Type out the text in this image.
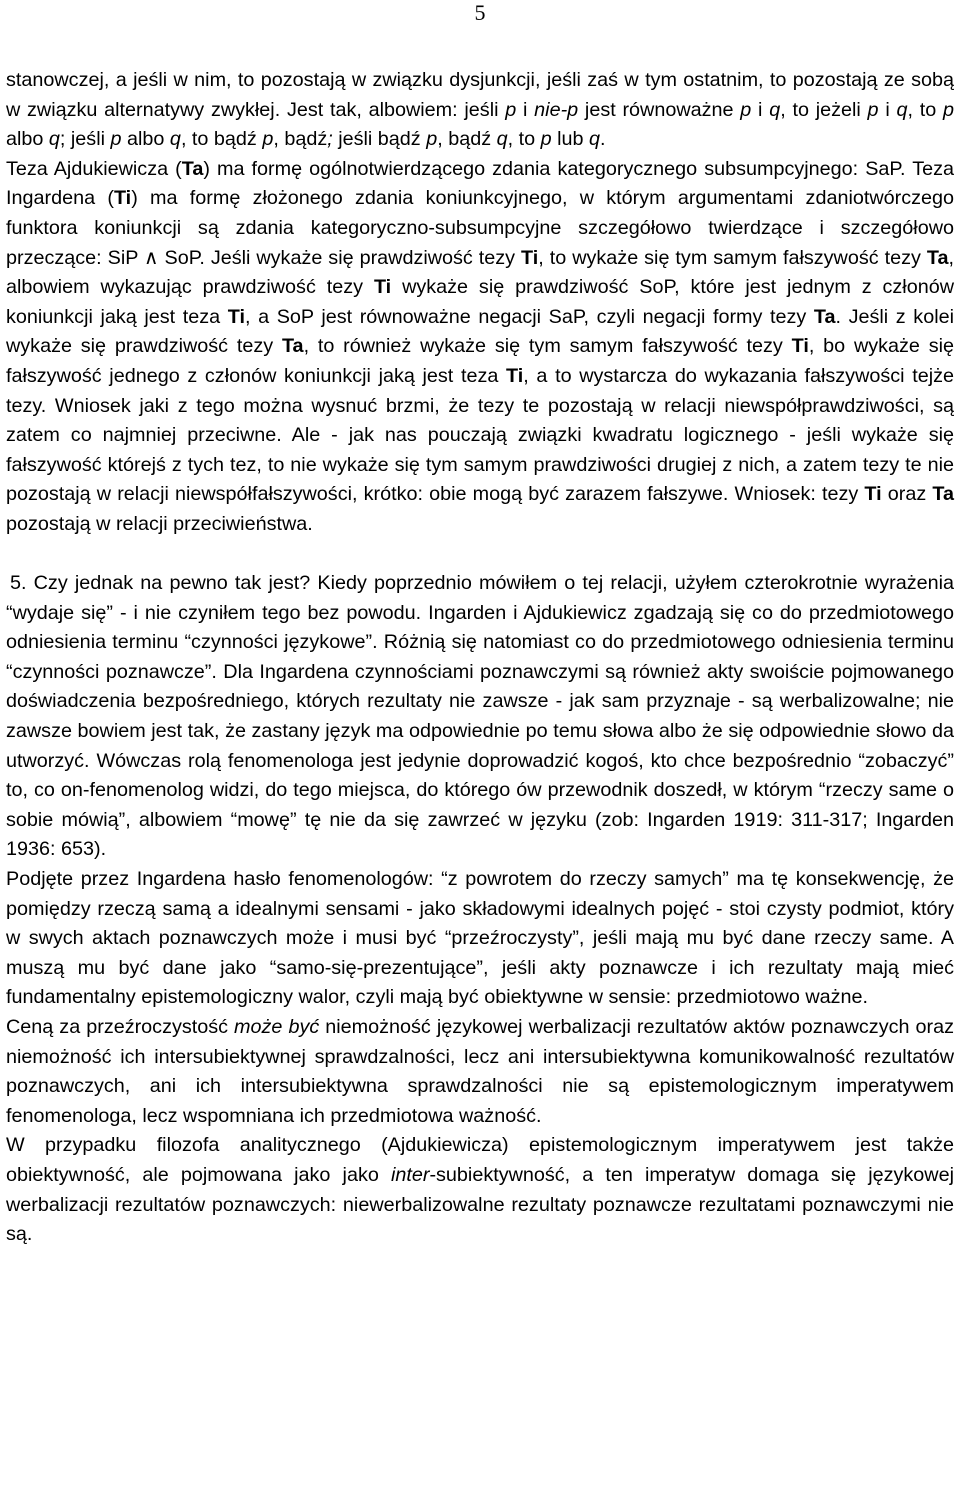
5

stanowczej, a jeśli w nim, to pozostają w związku dysjunkcji, jeśli zaś w tym ostatnim, to pozostają ze sobą w związku alternatywy zwykłej. Jest tak, albowiem: jeśli p i nie-p jest równoważne p i q, to jeżeli p i q, to p albo q; jeśli p albo q, to bądź p, bądź; jeśli bądź p, bądź q, to p lub q.

Teza Ajdukiewicza (Ta) ma formę ogólnotwierdzącego zdania kategorycznego subsumpcyjnego: SaP. Teza Ingardena (Ti) ma formę złożonego zdania koniunkcyjnego, w którym argumentami zdaniotwórczego funktora koniunkcji są zdania kategoryczno-subsumpcyjne szczegółowo twierdzące i szczegółowo przeczące: SiP ∧ SoP. Jeśli wykaże się prawdziwość tezy Ti, to wykaże się tym samym fałszywość tezy Ta, albowiem wykazując prawdziwość tezy Ti wykaże się prawdziwość SoP, które jest jednym z członów koniunkcji jaką jest teza Ti, a SoP jest równoważne negacji SaP, czyli negacji formy tezy Ta. Jeśli z kolei wykaże się prawdziwość tezy Ta, to również wykaże się tym samym fałszywość tezy Ti, bo wykaże się fałszywość jednego z członów koniunkcji jaką jest teza Ti, a to wystarcza do wykazania fałszywości tejże tezy. Wniosek jaki z tego można wysnuć brzmi, że tezy te pozostają w relacji niewspółprawdziwości, są zatem co najmniej przeciwne. Ale - jak nas pouczają związki kwadratu logicznego - jeśli wykaże się fałszywość którejś z tych tez, to nie wykaże się tym samym prawdziwości drugiej z nich, a zatem tezy te nie pozostają w relacji niewspółfałszywości, krótko: obie mogą być zarazem fałszywe. Wniosek: tezy Ti oraz Ta pozostają w relacji przeciwieństwa.

5. Czy jednak na pewno tak jest? Kiedy poprzednio mówiłem o tej relacji, użyłem czterokrotnie wyrażenia “wydaje się” - i nie czyniłem tego bez powodu. Ingarden i Ajdukiewicz zgadzają się co do przedmiotowego odniesienia terminu “czynności językowe”. Różnią się natomiast co do przedmiotowego odniesienia terminu “czynności poznawcze”. Dla Ingardena czynnościami poznawczymi są również akty swoiście pojmowanego doświadczenia bezpośredniego, których rezultaty nie zawsze - jak sam przyznaje - są werbalizowalne; nie zawsze bowiem jest tak, że zastany język ma odpowiednie po temu słowa albo że się odpowiednie słowo da utworzyć. Wówczas rolą fenomenologa jest jedynie doprowadzić kogoś, kto chce bezpośrednio “zobaczyć” to, co on-fenomenolog widzi, do tego miejsca, do którego ów przewodnik doszedł, w którym “rzeczy same o sobie mówią”, albowiem “mowę” tę nie da się zawrzeć w języku (zob: Ingarden 1919: 311-317; Ingarden 1936: 653).

Podjęte przez Ingardena hasło fenomenologów: “z powrotem do rzeczy samych” ma tę konsekwencję, że pomiędzy rzeczą samą a idealnymi sensami - jako składowymi idealnych pojęć - stoi czysty podmiot, który w swych aktach poznawczych może i musi być “przeźroczysty”, jeśli mają mu być dane rzeczy same. A muszą mu być dane jako “samo-się-prezentujące”, jeśli akty poznawcze i ich rezultaty mają mieć fundamentalny epistemologiczny walor, czyli mają być obiektywne w sensie: przedmiotowo ważne.

Ceną za przeźroczystość może być niemożność językowej werbalizacji rezultatów aktów poznawczych oraz niemożność ich intersubiektywnej sprawdzalności, lecz ani intersubiektywna komunikowalność rezultatów poznawczych, ani ich intersubiektywna sprawdzalności nie są epistemologicznym imperatywem fenomenologa, lecz wspomniana ich przedmiotowa ważność.

W przypadku filozofa analitycznego (Ajdukiewicza) epistemologicznym imperatywem jest także obiektywność, ale pojmowana jako jako inter-subiektywność, a ten imperatyw domaga się językowej werbalizacji rezultatów poznawczych: niewerbalizowalne rezultaty poznawcze rezultatami poznawczymi nie są.
